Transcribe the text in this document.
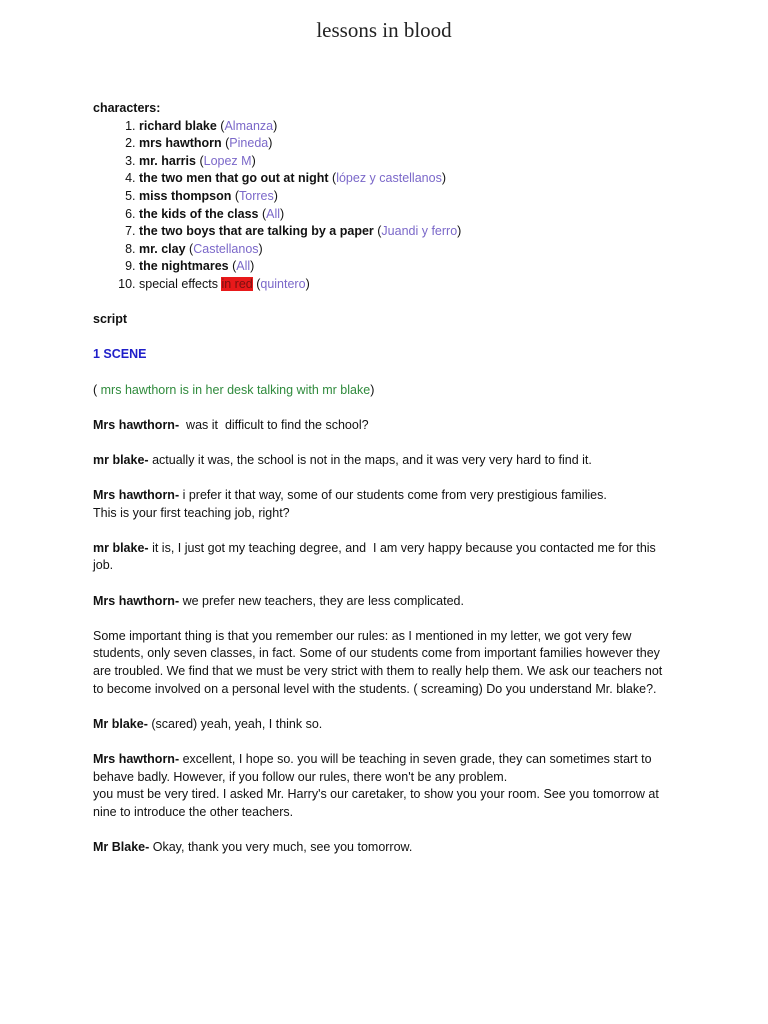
lessons in blood
characters:
1. richard blake (Almanza)
2. mrs hawthorn (Pineda)
3. mr. harris (Lopez M)
4. the two men that go out at night (lópez y castellanos)
5. miss thompson (Torres)
6. the kids of the class (All)
7. the two boys that are talking by a paper (Juandi y ferro)
8. mr. clay (Castellanos)
9. the nightmares (All)
10. special effects in red (quintero)
script
1 SCENE

( mrs hawthorn is in her desk talking with mr blake)

Mrs hawthorn-  was it  difficult to find the school?

mr blake- actually it was, the school is not in the maps, and it was very very hard to find it.

Mrs hawthorn- i prefer it that way, some of our students come from very prestigious families.
This is your first teaching job, right?

mr blake- it is, I just got my teaching degree, and  I am very happy because you contacted me for this job.

Mrs hawthorn- we prefer new teachers, they are less complicated.

Some important thing is that you remember our rules: as I mentioned in my letter, we got very few students, only seven classes, in fact. Some of our students come from important families however they are troubled. We find that we must be very strict with them to really help them. We ask our teachers not to become involved on a personal level with the students. ( screaming) Do you understand Mr. blake?.

Mr blake- (scared) yeah, yeah, I think so.

Mrs hawthorn- excellent, I hope so. you will be teaching in seven grade, they can sometimes start to behave badly. However, if you follow our rules, there won't be any problem.
you must be very tired. I asked Mr. Harry's our caretaker, to show you your room. See you tomorrow at nine to introduce the other teachers.

Mr Blake- Okay, thank you very much, see you tomorrow.
